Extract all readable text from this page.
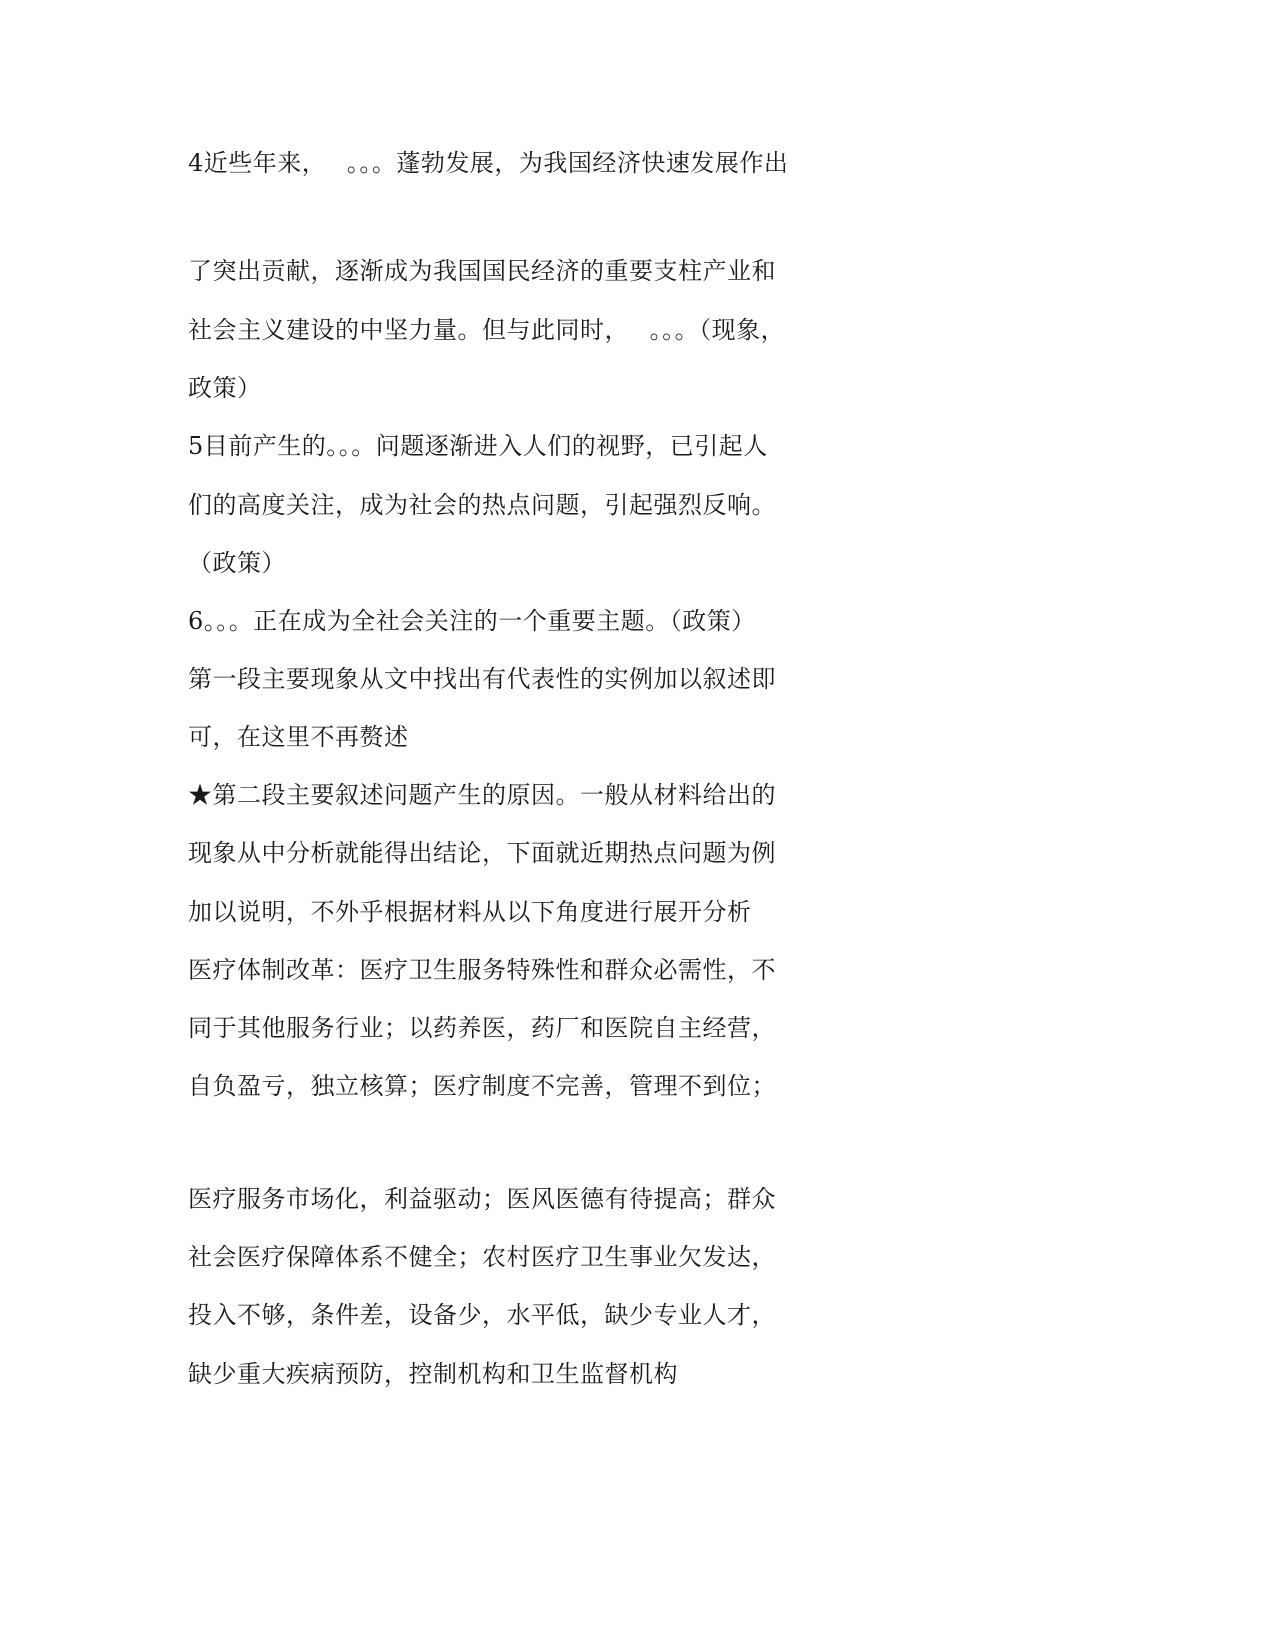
4近些年来，　 。。。蓬勃发展，为我国经济快速发展作出

了突出贡献，逐渐成为我国国民经济的重要支柱产业和

社会主义建设的中坚力量。但与此同时，　 。。。（现象，

政策）

5目前产生的。。。问题逐渐进入人们的视野，已引起人

们的高度关注，成为社会的热点问题，引起强烈反响。

（政策）

6。。。正在成为全社会关注的一个重要主题。（政策）

第一段主要现象从文中找出有代表性的实例加以叙述即

可，在这里不再赘述

★第二段主要叙述问题产生的原因。一般从材料给出的

现象从中分析就能得出结论，下面就近期热点问题为例

加以说明，不外乎根据材料从以下角度进行展开分析

医疗体制改革：医疗卫生服务特殊性和群众必需性，不

同于其他服务行业；以药养医，药厂和医院自主经营，

自负盈亏，独立核算；医疗制度不完善，管理不到位；

医疗服务市场化，利益驱动；医风医德有待提高；群众

社会医疗保障体系不健全；农村医疗卫生事业欠发达，

投入不够，条件差，设备少，水平低，缺少专业人才，

缺少重大疾病预防，控制机构和卫生监督机构
